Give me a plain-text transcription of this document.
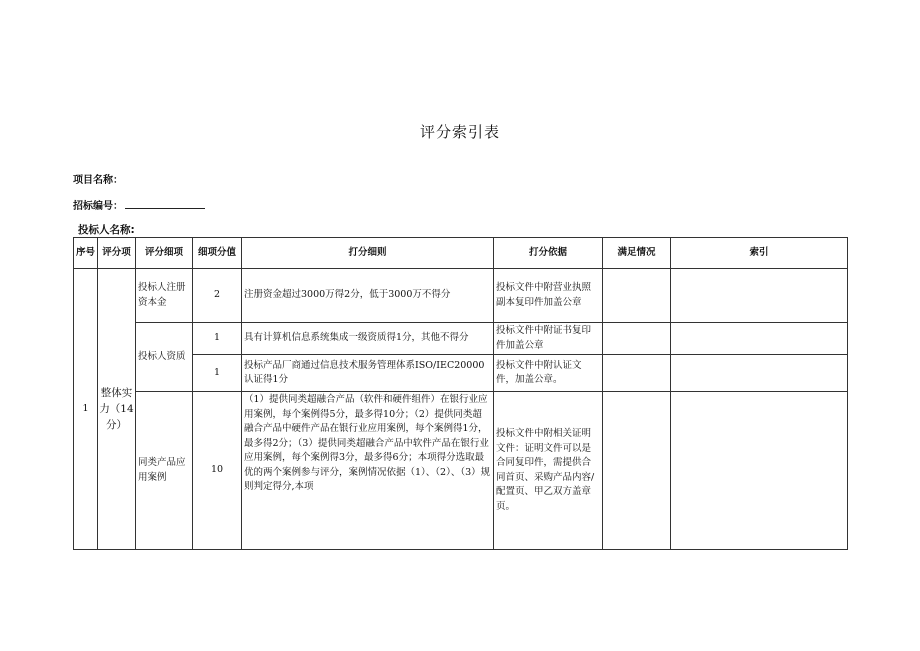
评分索引表
项目名称：
招标编号：
投标人名称:
序号	评分项	评分细项	细项分值	打分细则	打分依据	满足情况	索引
1	整体实力（14分）	投标人注册资本金	2	注册资金超过3000万得2分，低于3000万不得分	投标文件中附营业执照副本复印件加盖公章		
		投标人资质	1	具有计算机信息系统集成一级资质得1分，其他不得分	投标文件中附证书复印件加盖公章		
			1	投标产品厂商通过信息技术服务管理体系ISO/IEC20000认证得1分	投标文件中附认证文件，加盖公章。		
		同类产品应用案例	10	（1）提供同类超融合产品（软件和硬件组件）在银行业应用案例，每个案例得5分，最多得10分；（2）提供同类超融合产品中硬件产品在银行业应用案例，每个案例得1分，最多得2分；（3）提供同类超融合产品中软件产品在银行业应用案例，每个案例得3分，最多得6分；本项得分选取最优的两个案例参与评分，案例情况依据（1）、（2）、（3）规则判定得分,本项	投标文件中附相关证明文件：证明文件可以是合同复印件，需提供合同首页、采购产品内容/配置页、甲乙双方盖章页。		
